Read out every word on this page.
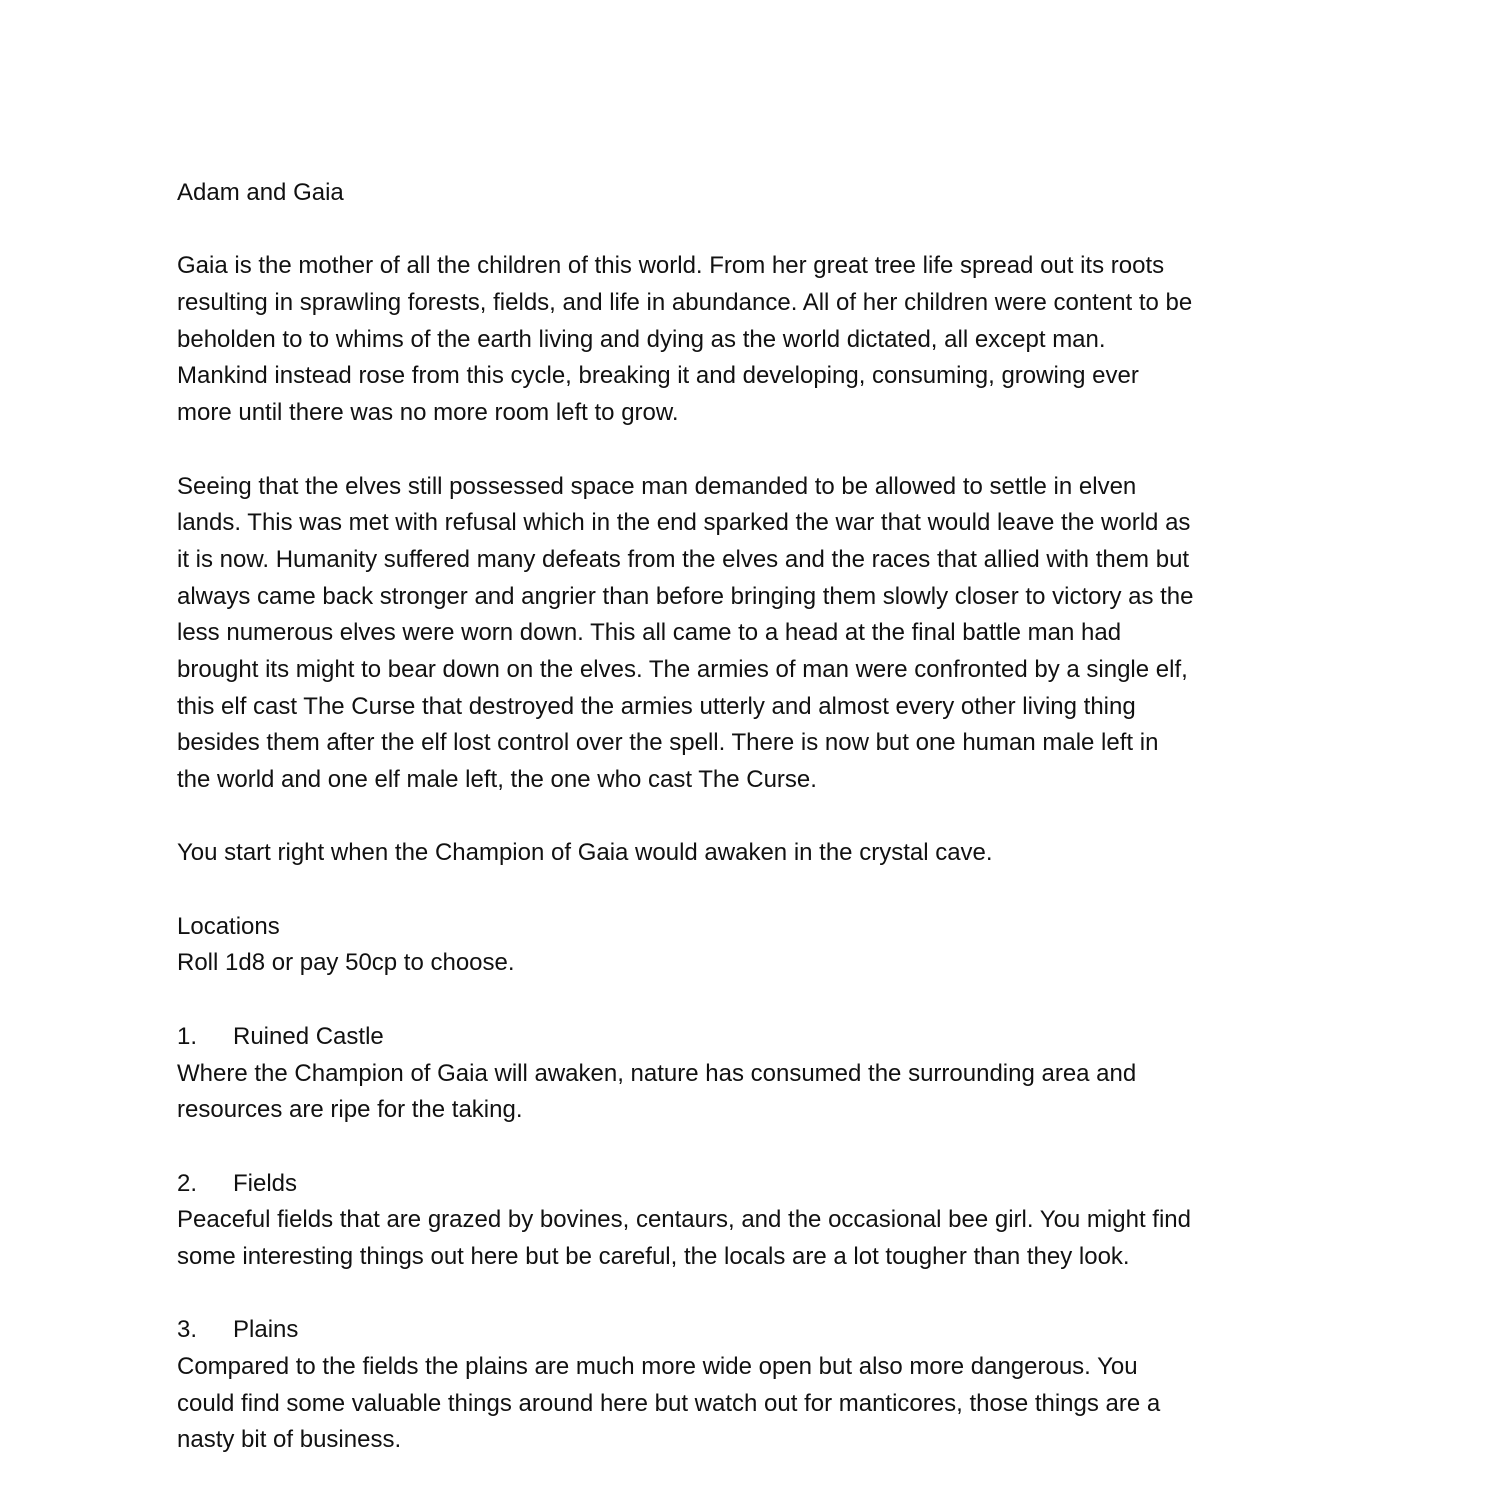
Adam and Gaia
Gaia is the mother of all the children of this world. From her great tree life spread out its roots
resulting in sprawling forests, fields, and life in abundance. All of her children were content to be
beholden to to whims of the earth living and dying as the world dictated, all except man.
Mankind instead rose from this cycle, breaking it and developing, consuming, growing ever
more until there was no more room left to grow.
Seeing that the elves still possessed space man demanded to be allowed to settle in elven
lands. This was met with refusal which in the end sparked the war that would leave the world as
it is now. Humanity suffered many defeats from the elves and the races that allied with them but
always came back stronger and angrier than before bringing them slowly closer to victory as the
less numerous elves were worn down. This all came to a head at the final battle man had
brought its might to bear down on the elves. The armies of man were confronted by a single elf,
this elf cast The Curse that destroyed the armies utterly and almost every other living thing
besides them after the elf lost control over the spell. There is now but one human male left in
the world and one elf male left, the one who cast The Curse.
You start right when the Champion of Gaia would awaken in the crystal cave.
Locations
Roll 1d8 or pay 50cp to choose.
1. Ruined Castle
Where the Champion of Gaia will awaken, nature has consumed the surrounding area and
resources are ripe for the taking.
2. Fields
Peaceful fields that are grazed by bovines, centaurs, and the occasional bee girl. You might find
some interesting things out here but be careful, the locals are a lot tougher than they look.
3. Plains
Compared to the fields the plains are much more wide open but also more dangerous. You
could find some valuable things around here but watch out for manticores, those things are a
nasty bit of business.
